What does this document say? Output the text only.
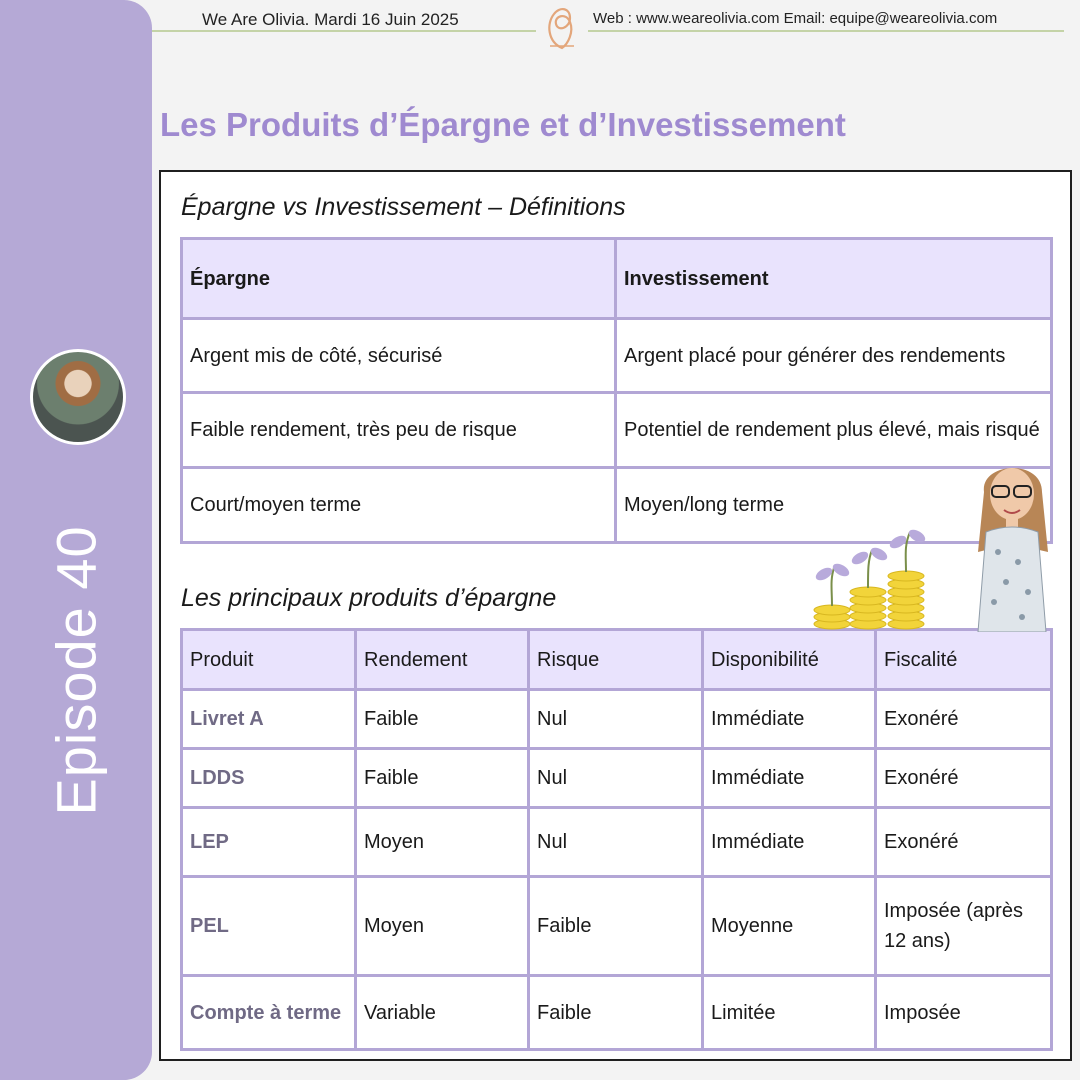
Episode 40
We Are Olivia. Mardi 16 Juin 2025	Web : www.weareolivia.com Email: equipe@weareolivia.com
Les Produits d’Épargne et d’Investissement
Épargne vs Investissement – Définitions
Épargne	Investissement
Argent mis de côté, sécurisé	Argent placé pour générer des rendements
Faible rendement, très peu de risque	Potentiel de rendement plus élevé, mais risqué
Court/moyen terme	Moyen/long terme
Les principaux produits d’épargne
Produit	Rendement	Risque	Disponibilité	Fiscalité
Livret A	Faible	Nul	Immédiate	Exonéré
LDDS	Faible	Nul	Immédiate	Exonéré
LEP	Moyen	Nul	Immédiate	Exonéré
PEL	Moyen	Faible	Moyenne	Imposée (après 12 ans)
Compte à terme	Variable	Faible	Limitée	Imposée
